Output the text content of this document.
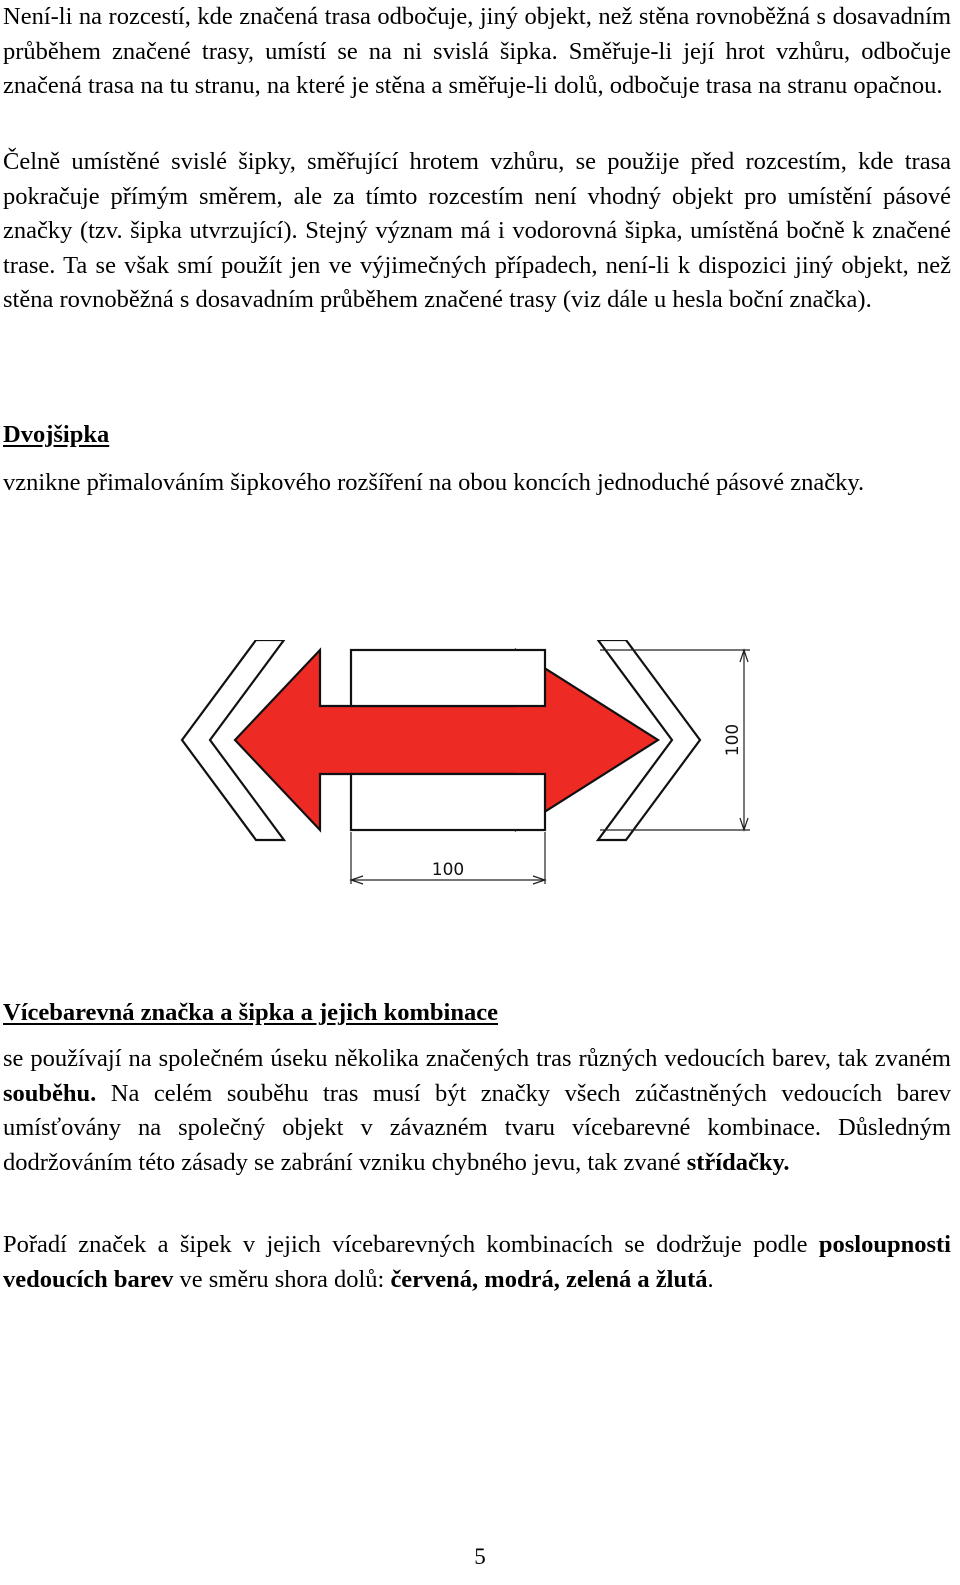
Není-li na rozcestí, kde značená trasa odbočuje, jiný objekt, než stěna rovnoběžná s dosavadním průběhem značené trasy, umístí se na ni svislá šipka. Směřuje-li její hrot vzhůru, odbočuje značená trasa na tu stranu, na které je stěna a směřuje-li dolů, odbočuje trasa na stranu opačnou.

Čelně umístěné svislé šipky, směřující hrotem vzhůru, se použije před rozcestím, kde trasa pokračuje přímým směrem, ale za tímto rozcestím není vhodný objekt pro umístění pásové značky (tzv. šipka utvrzující). Stejný význam má i vodorovná šipka, umístěná bočně k značené trase. Ta se však smí použít jen ve výjimečných případech, není-li k dispozici jiný objekt, než stěna rovnoběžná s dosavadním průběhem značené trasy (viz dále u hesla boční značka).

Dvojšipka

vznikne přimalováním šipkového rozšíření na obou koncích jednoduché pásové značky.

100
100
Vícebarevná značka a šipka a jejich kombinace

se používají na společném úseku několika značených tras různých vedoucích barev, tak zvaném souběhu. Na celém souběhu tras musí být značky všech zúčastněných vedoucích barev umísťovány na společný objekt v závazném tvaru vícebarevné kombinace. Důsledným dodržováním této zásady se zabrání vzniku chybného jevu, tak zvané střídačky.

Pořadí značek a šipek v jejich vícebarevných kombinacích se dodržuje podle posloupnosti vedoucích barev ve směru shora dolů: červená, modrá, zelená a žlutá.

5
